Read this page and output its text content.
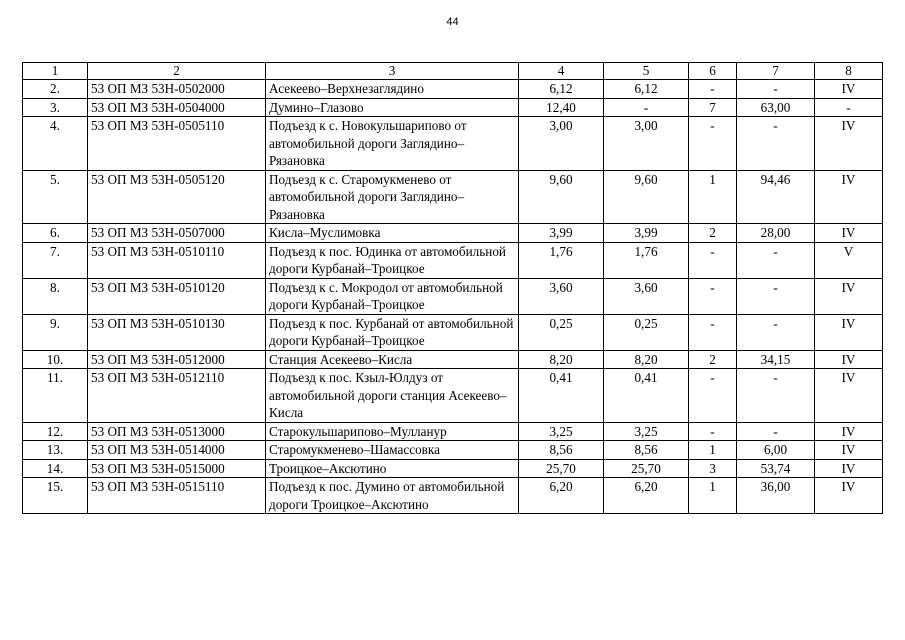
44
1	2	3	4	5	6	7	8
2.	53 ОП МЗ 53Н-0502000	Асекеево–Верхнезаглядино	6,12	6,12	-	-	IV
3.	53 ОП МЗ 53Н-0504000	Думино–Глазово	12,40	-	7	63,00	-
4.	53 ОП МЗ 53Н-0505110	Подъезд к с. Новокульшарипово от автомобильной дороги Заглядино–Рязановка	3,00	3,00	-	-	IV
5.	53 ОП МЗ 53Н-0505120	Подъезд к с. Старомукменево от автомобильной дороги Заглядино–Рязановка	9,60	9,60	1	94,46	IV
6.	53 ОП МЗ 53Н-0507000	Кисла–Муслимовка	3,99	3,99	2	28,00	IV
7.	53 ОП МЗ 53Н-0510110	Подъезд к пос. Юдинка от автомобильной дороги Курбанай–Троицкое	1,76	1,76	-	-	V
8.	53 ОП МЗ 53Н-0510120	Подъезд к с. Мокродол от автомобильной дороги Курбанай–Троицкое	3,60	3,60	-	-	IV
9.	53 ОП МЗ 53Н-0510130	Подъезд к пос. Курбанай от автомобильной дороги Курбанай–Троицкое	0,25	0,25	-	-	IV
10.	53 ОП МЗ 53Н-0512000	Станция Асекеево–Кисла	8,20	8,20	2	34,15	IV
11.	53 ОП МЗ 53Н-0512110	Подъезд к пос. Кзыл-Юлдуз от автомобильной дороги станция Асекеево–Кисла	0,41	0,41	-	-	IV
12.	53 ОП МЗ 53Н-0513000	Старокульшарипово–Мулланур	3,25	3,25	-	-	IV
13.	53 ОП МЗ 53Н-0514000	Старомукменево–Шамассовка	8,56	8,56	1	6,00	IV
14.	53 ОП МЗ 53Н-0515000	Троицкое–Аксютино	25,70	25,70	3	53,74	IV
15.	53 ОП МЗ 53Н-0515110	Подъезд к пос. Думино от автомобильной дороги Троицкое–Аксютино	6,20	6,20	1	36,00	IV
